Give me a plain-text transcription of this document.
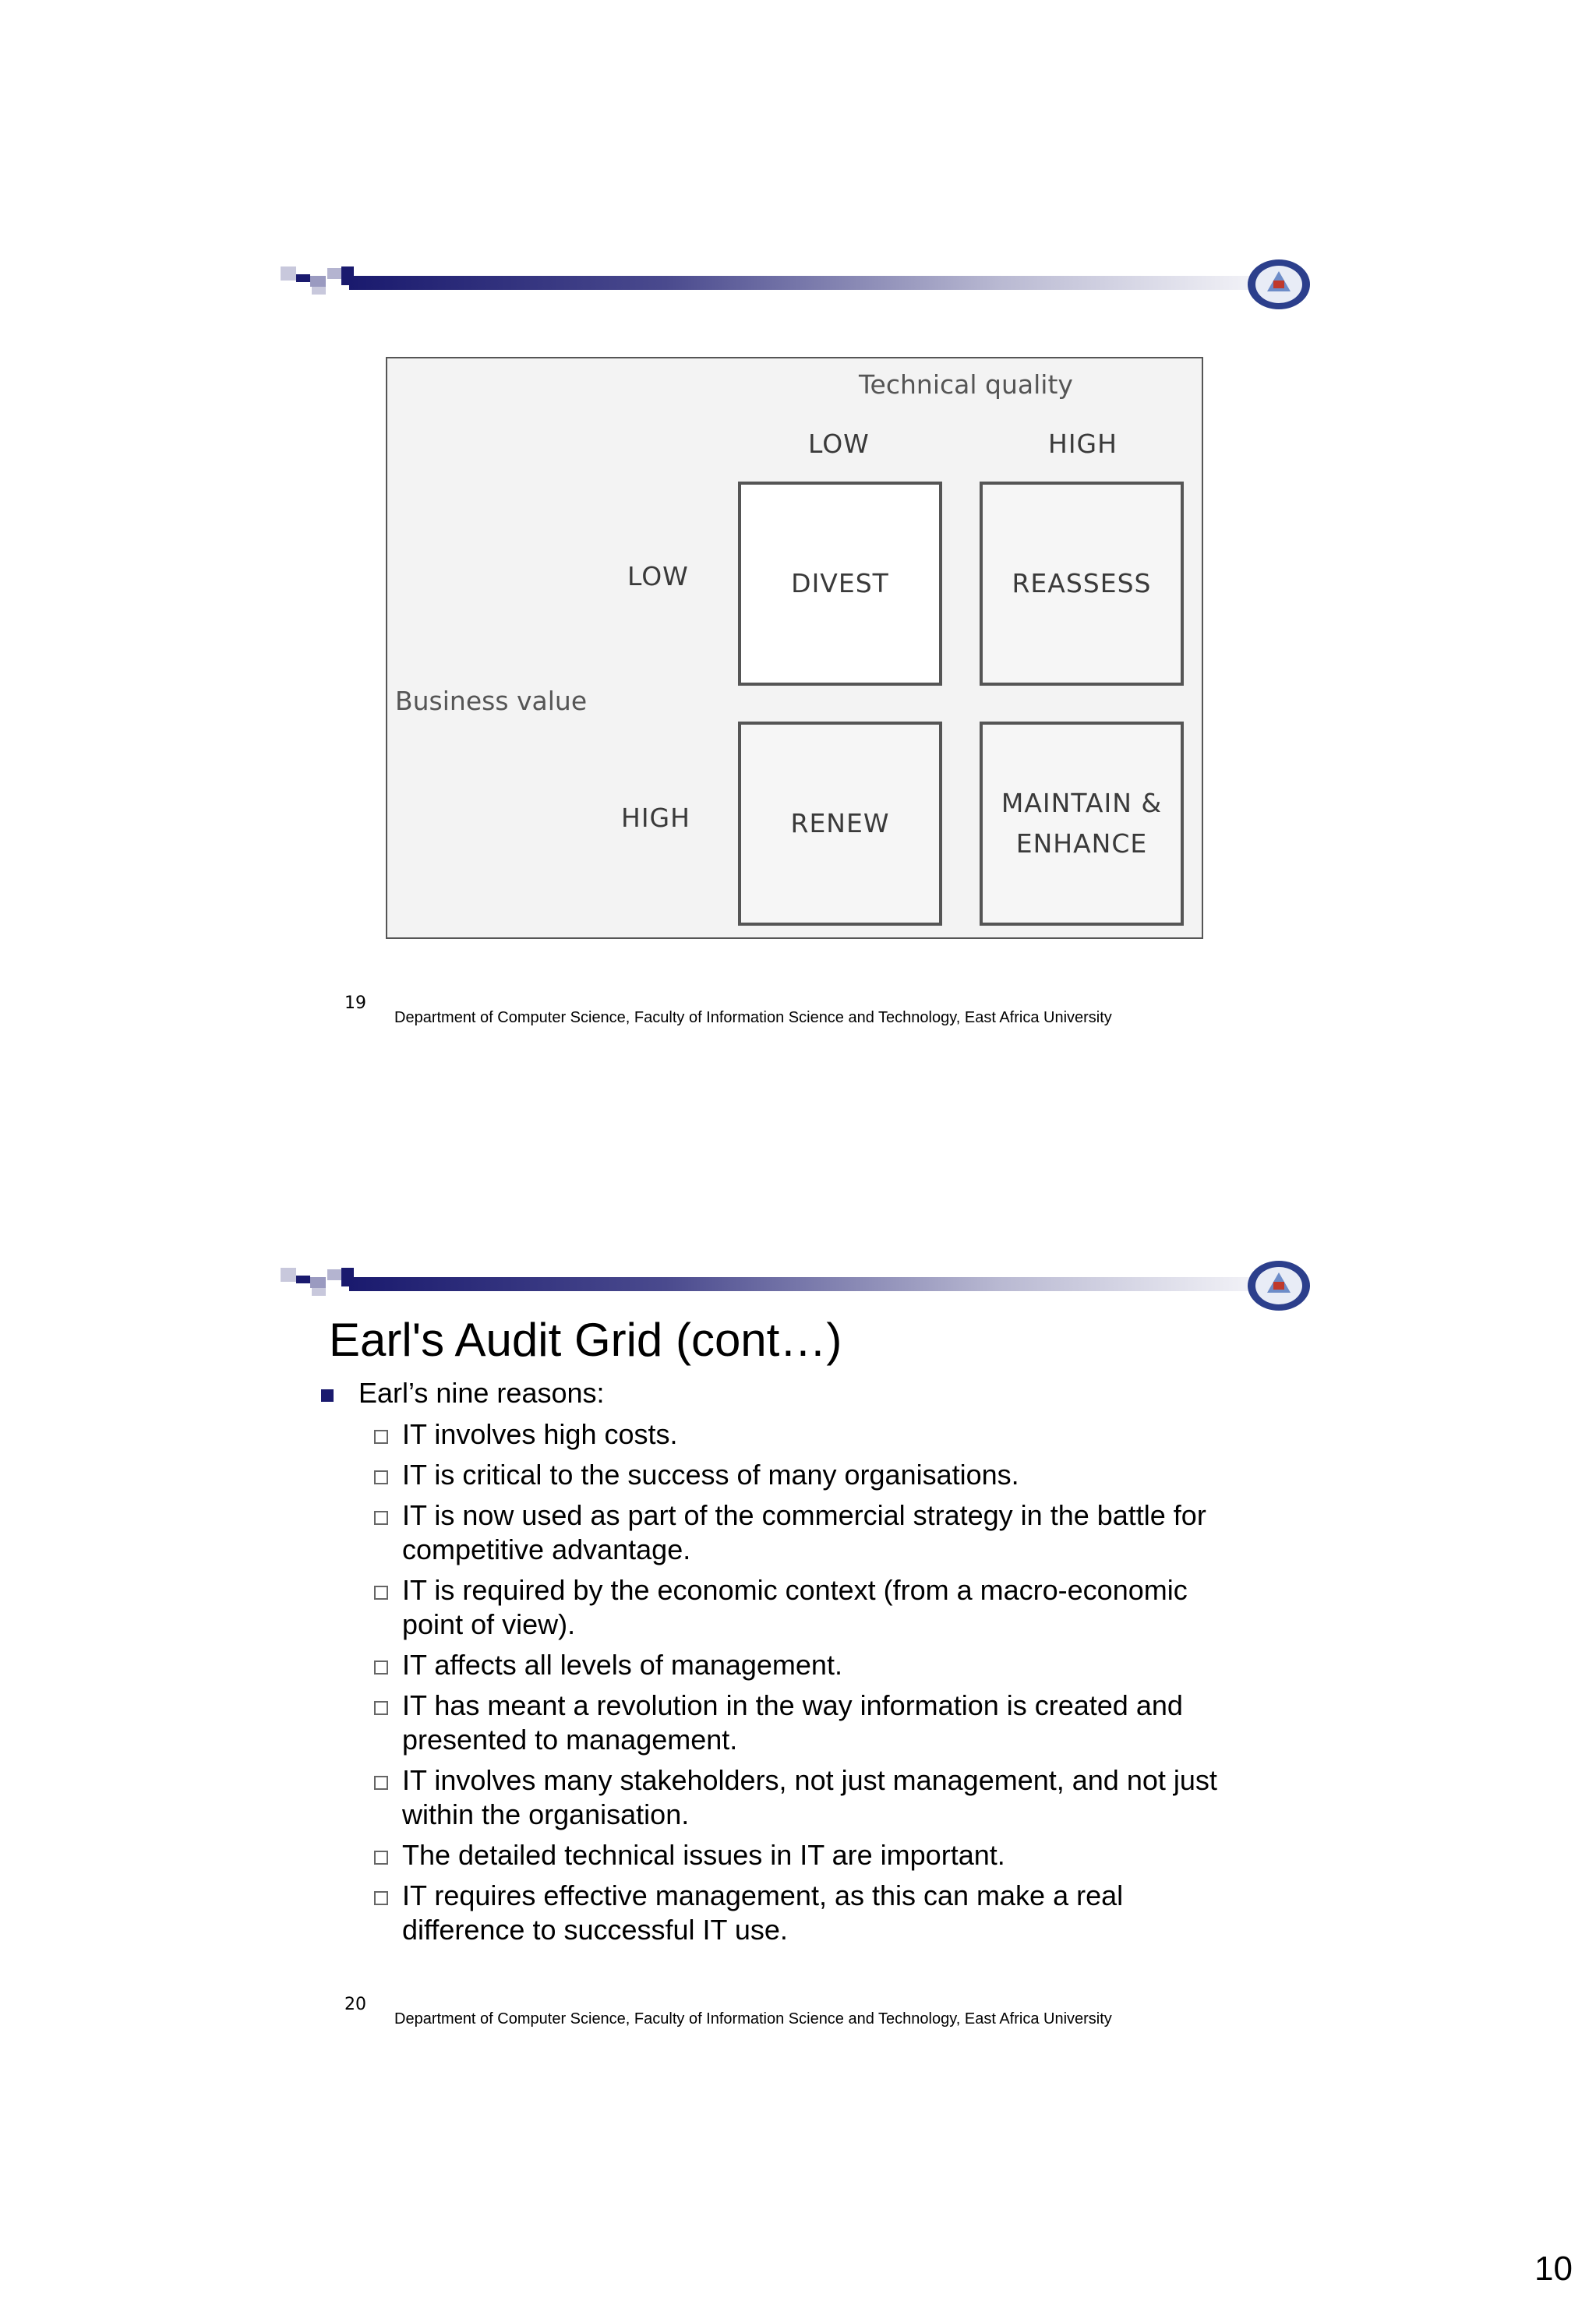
Technical quality
LOW	HIGH
LOW
Business value
HIGH
DIVEST	REASSESS
RENEW
MAINTAIN &
ENHANCE
19
Department of Computer Science, Faculty of Information Science and Technology, East Africa University
Earl's Audit Grid (cont…)
Earl’s nine reasons:
IT involves high costs.
IT is critical to the success of many organisations.
IT is now used as part of the commercial strategy in the battle for competitive advantage.
IT is required by the economic context (from a macro-economic point of view).
IT affects all levels of management.
IT has meant a revolution in the way information is created and presented to management.
IT involves many stakeholders, not just management, and not just within the organisation.
The detailed technical issues in IT are important.
IT requires effective management, as this can make a real difference to successful IT use.
20
Department of Computer Science, Faculty of Information Science and Technology, East Africa University
10
